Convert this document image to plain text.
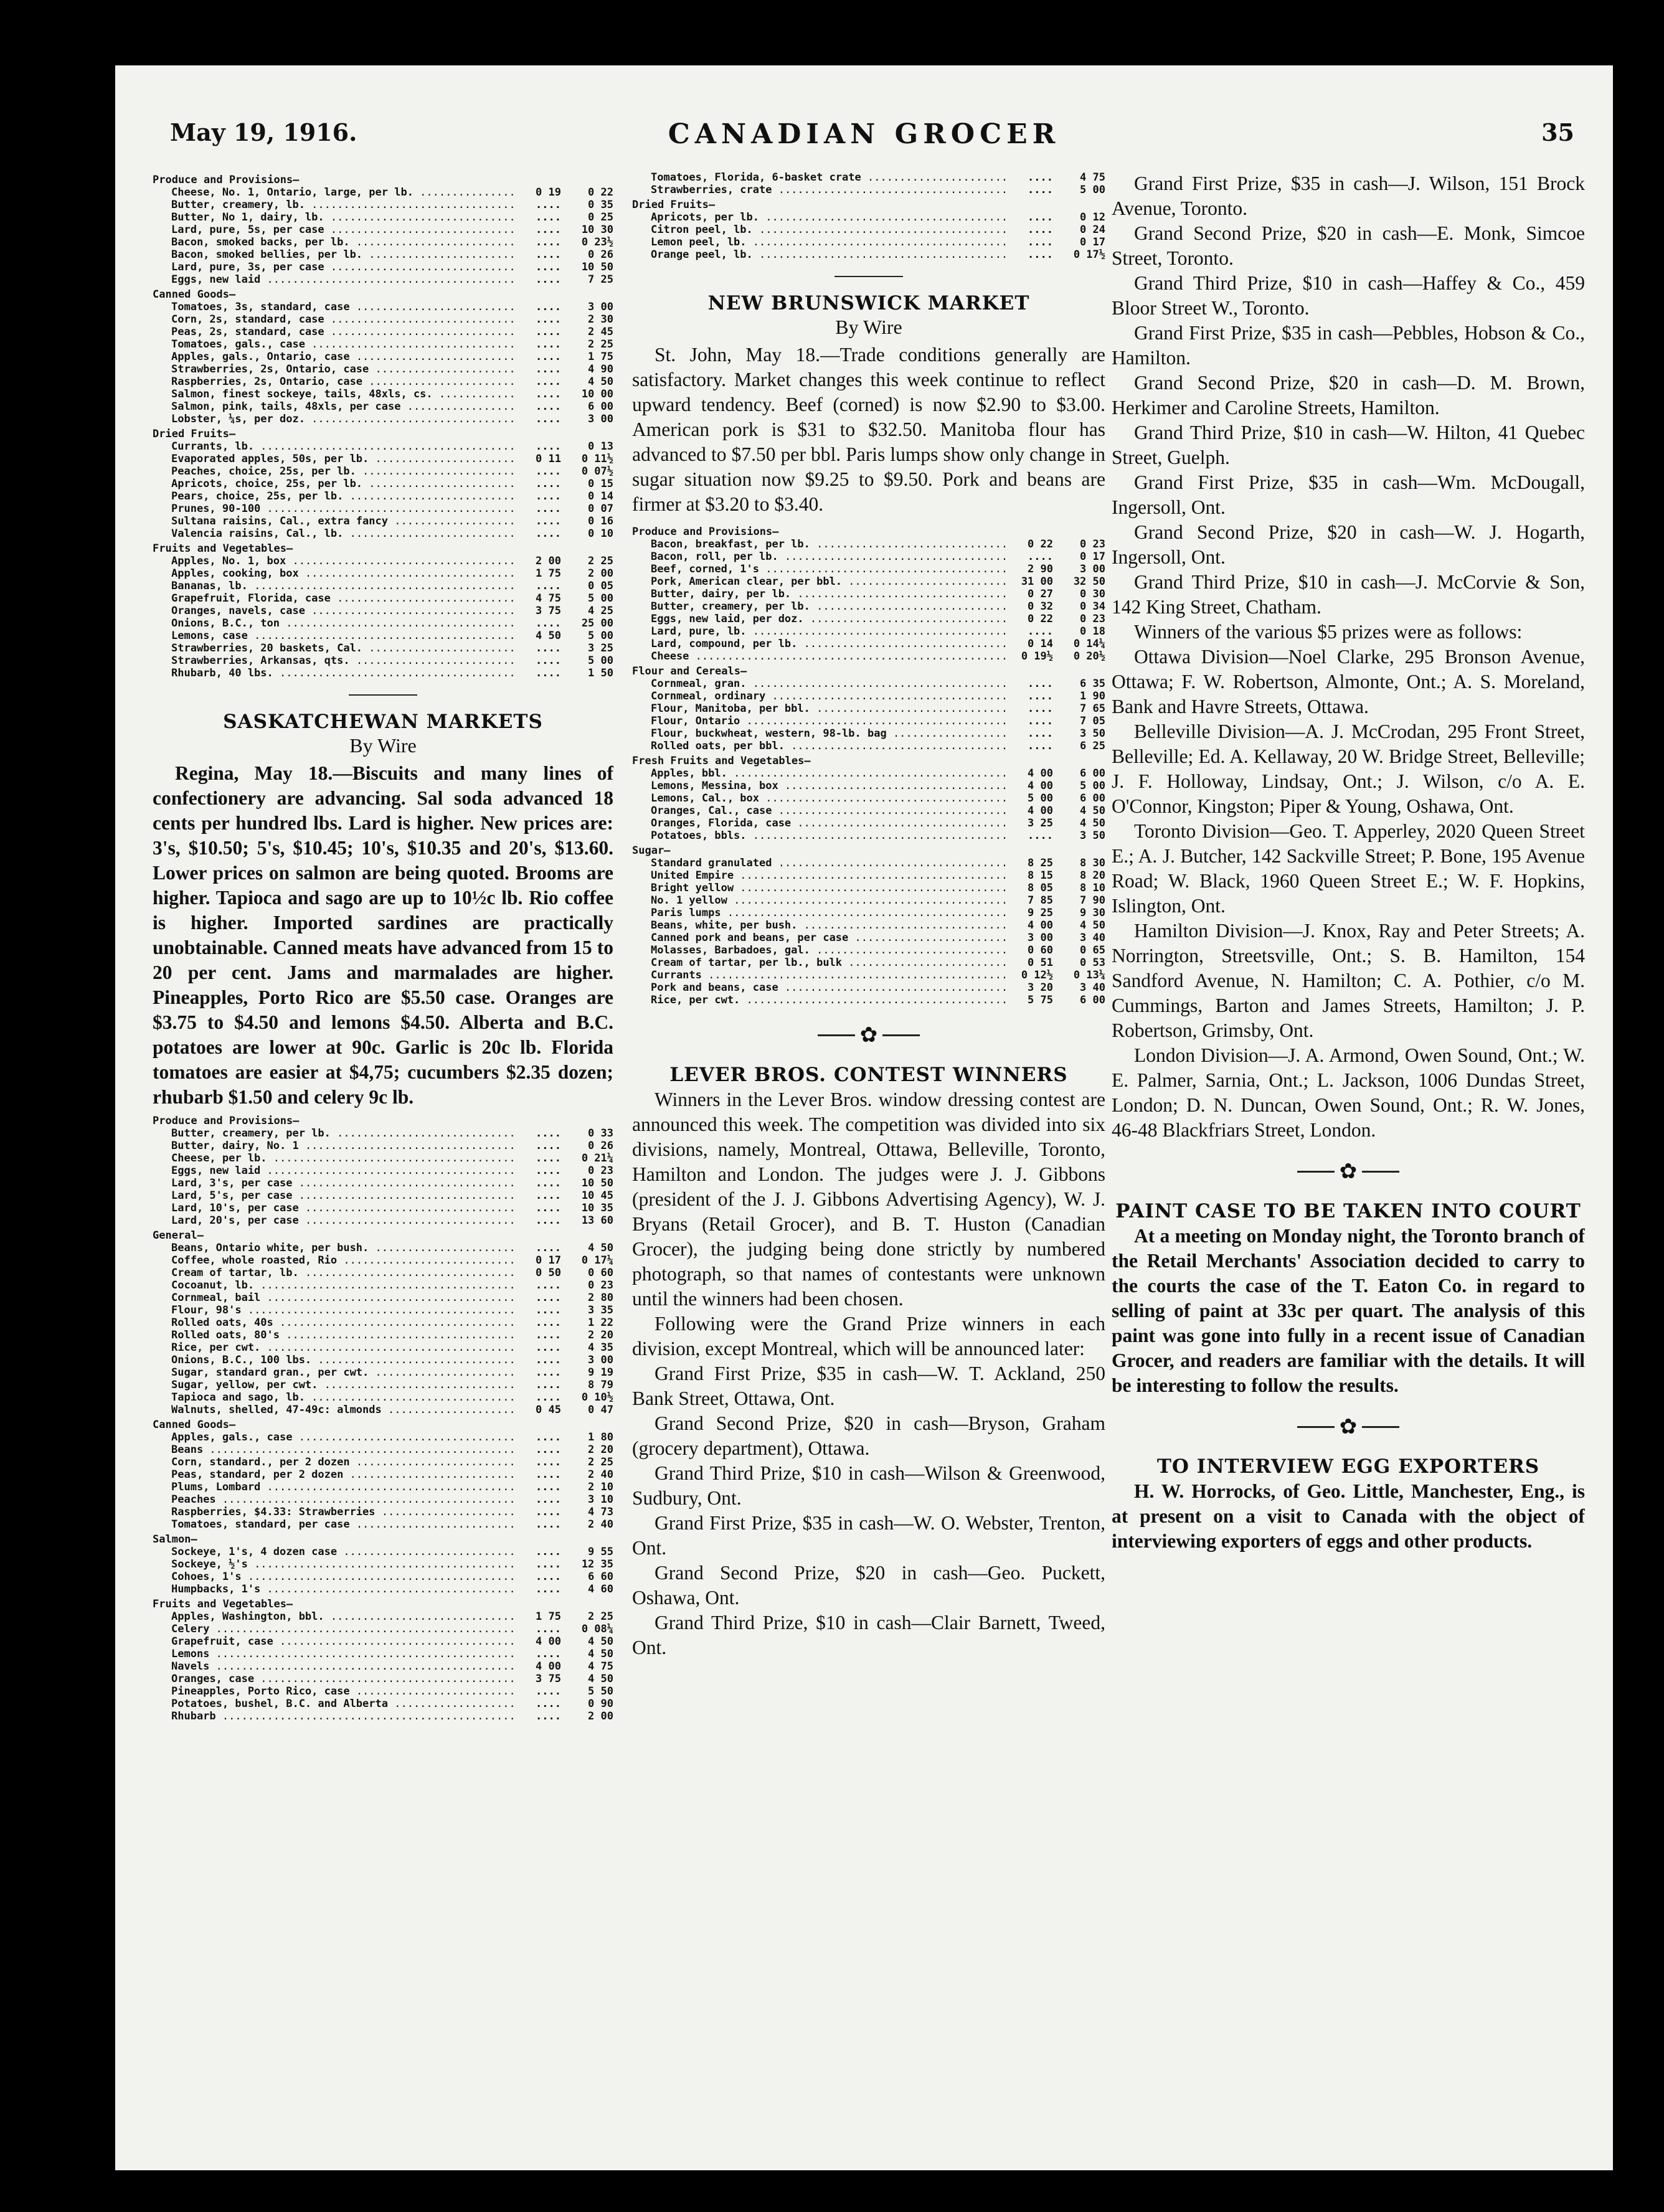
May 19, 1916.	CANADIAN GROCER	35
Produce and Provisions—
Cheese, No. 1, Ontario, large, per lb. .....	0 19	0 22
Butter, creamery, lb. .....	....	0 35
Butter, No 1, dairy, lb. .....	....	0 25
Lard, pure, 5s, per case .....	....	10 30
Bacon, smoked backs, per lb. .....	....	0 23½
Bacon, smoked bellies, per lb. .....	....	0 26
Lard, pure, 3s, per case .....	....	10 50
Eggs, new laid .....	....	7 25
Canned Goods—
Tomatoes, 3s, standard, case .....	....	3 00
Corn, 2s, standard, case .....	....	2 30
Peas, 2s, standard, case .....	....	2 45
Tomatoes, gals., case .....	....	2 25
Apples, gals., Ontario, case .....	....	1 75
Strawberries, 2s, Ontario, case .....	....	4 90
Raspberries, 2s, Ontario, case .....	....	4 50
Salmon, finest sockeye, tails, 48xls, cs. .....	....	10 00
Salmon, pink, tails, 48xls, per case .....	....	6 00
Lobster, ¼s, per doz. .....	....	3 00
Dried Fruits—
Currants, lb. .....	....	0 13
Evaporated apples, 50s, per lb. .....	0 11	0 11½
Peaches, choice, 25s, per lb. .....	....	0 07½
Apricots, choice, 25s, per lb. .....	....	0 15
Pears, choice, 25s, per lb. .....	....	0 14
Prunes, 90-100 .....	....	0 07
Sultana raisins, Cal., extra fancy .....	....	0 16
Valencia raisins, Cal., lb. .....	....	0 10
Fruits and Vegetables—
Apples, No. 1, box .....	2 00	2 25
Apples, cooking, box .....	1 75	2 00
Bananas, lb. .....	....	0 05
Grapefruit, Florida, case .....	4 75	5 00
Oranges, navels, case .....	3 75	4 25
Onions, B.C., ton .....	....	25 00
Lemons, case .....	4 50	5 00
Strawberries, 20 baskets, Cal. .....	....	3 25
Strawberries, Arkansas, qts. .....	....	5 00
Rhubarb, 40 lbs. .....	....	1 50
SASKATCHEWAN MARKETS
By Wire

Regina, May 18.—Biscuits and many lines of confectionery are advancing. Sal soda advanced 18 cents per hundred lbs. Lard is higher. New prices are: 3's, $10.50; 5's, $10.45; 10's, $10.35 and 20's, $13.60. Lower prices on salmon are being quoted. Brooms are higher. Tapioca and sago are up to 10½c lb. Rio coffee is higher. Imported sardines are practically unobtainable. Canned meats have advanced from 15 to 20 per cent. Jams and marmalades are higher. Pineapples, Porto Rico are $5.50 case. Oranges are $3.75 to $4.50 and lemons $4.50. Alberta and B.C. potatoes are lower at 90c. Garlic is 20c lb. Florida tomatoes are easier at $4,75; cucumbers $2.35 dozen; rhubarb $1.50 and celery 9c lb.

Produce and Provisions—
Butter, creamery, per lb. .....	....	0 33
Butter, dairy, No. 1 .....	....	0 26
Cheese, per lb. .....	....	0 21¼
Eggs, new laid .....	....	0 23
Lard, 3's, per case .....	....	10 50
Lard, 5's, per case .....	....	10 45
Lard, 10's, per case .....	....	10 35
Lard, 20's, per case .....	....	13 60
General—
Beans, Ontario white, per bush. .....	....	4 50
Coffee, whole roasted, Rio .....	0 17	0 17¼
Cream of tartar, lb. .....	0 50	0 60
Cocoanut, lb. .....	....	0 23
Cornmeal, bail .....	....	2 80
Flour, 98's .....	....	3 35
Rolled oats, 40s .....	....	1 22
Rolled oats, 80's .....	....	2 20
Rice, per cwt. .....	....	4 35
Onions, B.C., 100 lbs. .....	....	3 00
Sugar, standard gran., per cwt. .....	....	9 19
Sugar, yellow, per cwt. .....	....	8 79
Tapioca and sago, lb. .....	....	0 10½
Walnuts, shelled, 47-49c: almonds .....	0 45	0 47
Canned Goods—
Apples, gals., case .....	....	1 80
Beans .....	....	2 20
Corn, standard., per 2 dozen .....	....	2 25
Peas, standard, per 2 dozen .....	....	2 40
Plums, Lombard .....	....	2 10
Peaches .....	....	3 10
Raspberries, $4.33: Strawberries .....	....	4 73
Tomatoes, standard, per case .....	....	2 40
Salmon—
Sockeye, 1's, 4 dozen case .....	....	9 55
Sockeye, ½'s .....	....	12 35
Cohoes, 1's .....	....	6 60
Humpbacks, 1's .....	....	4 60
Fruits and Vegetables—
Apples, Washington, bbl. .....	1 75	2 25
Celery .....	....	0 08¼
Grapefruit, case .....	4 00	4 50
Lemons .....	....	4 50
Navels .....	4 00	4 75
Oranges, case .....	3 75	4 50
Pineapples, Porto Rico, case .....	....	5 50
Potatoes, bushel, B.C. and Alberta .....	....	0 90
Rhubarb .....	....	2 00
Tomatoes, Florida, 6-basket crate .....	....	4 75
Strawberries, crate .....	....	5 00
Dried Fruits—
Apricots, per lb. .....	....	0 12
Citron peel, lb. .....	....	0 24
Lemon peel, lb. .....	....	0 17
Orange peel, lb. .....	....	0 17½
NEW BRUNSWICK MARKET
By Wire

St. John, May 18.—Trade conditions generally are satisfactory. Market changes this week continue to reflect upward tendency. Beef (corned) is now $2.90 to $3.00. American pork is $31 to $32.50. Manitoba flour has advanced to $7.50 per bbl. Paris lumps show only change in sugar situation now $9.25 to $9.50. Pork and beans are firmer at $3.20 to $3.40.

Produce and Provisions—
Bacon, breakfast, per lb. .....	0 22	0 23
Bacon, roll, per lb. .....	....	0 17
Beef, corned, 1's .....	2 90	3 00
Pork, American clear, per bbl. .....	31 00	32 50
Butter, dairy, per lb. .....	0 27	0 30
Butter, creamery, per lb. .....	0 32	0 34
Eggs, new laid, per doz. .....	0 22	0 23
Lard, pure, lb. .....	....	0 18
Lard, compound, per lb. .....	0 14	0 14¼
Cheese .....	0 19½	0 20½
Flour and Cereals—
Cornmeal, gran. .....	....	6 35
Cornmeal, ordinary .....	....	1 90
Flour, Manitoba, per bbl. .....	....	7 65
Flour, Ontario .....	....	7 05
Flour, buckwheat, western, 98-lb. bag .....	....	3 50
Rolled oats, per bbl. .....	....	6 25
Fresh Fruits and Vegetables—
Apples, bbl. .....	4 00	6 00
Lemons, Messina, box .....	4 00	5 00
Lemons, Cal., box .....	5 00	6 00
Oranges, Cal., case .....	4 00	4 50
Oranges, Florida, case .....	3 25	4 50
Potatoes, bbls. .....	....	3 50
Sugar—
Standard granulated .....	8 25	8 30
United Empire .....	8 15	8 20
Bright yellow .....	8 05	8 10
No. 1 yellow .....	7 85	7 90
Paris lumps .....	9 25	9 30
Beans, white, per bush. .....	4 00	4 50
Canned pork and beans, per case .....	3 00	3 40
Molasses, Barbadoes, gal. .....	0 60	0 65
Cream of tartar, per lb., bulk .....	0 51	0 53
Currants .....	0 12½	0 13¼
Pork and beans, case .....	3 20	3 40
Rice, per cwt. .....	5 75	6 00
✿
LEVER BROS. CONTEST WINNERS

Winners in the Lever Bros. window dressing contest are announced this week. The competition was divided into six divisions, namely, Montreal, Ottawa, Belleville, Toronto, Hamilton and London. The judges were J. J. Gibbons (president of the J. J. Gibbons Advertising Agency), W. J. Bryans (Retail Grocer), and B. T. Huston (Canadian Grocer), the judging being done strictly by numbered photograph, so that names of contestants were unknown until the winners had been chosen.

Following were the Grand Prize winners in each division, except Montreal, which will be announced later:

Grand First Prize, $35 in cash—W. T. Ackland, 250 Bank Street, Ottawa, Ont.

Grand Second Prize, $20 in cash—Bryson, Graham (grocery department), Ottawa.

Grand Third Prize, $10 in cash—Wilson & Greenwood, Sudbury, Ont.

Grand First Prize, $35 in cash—W. O. Webster, Trenton, Ont.

Grand Second Prize, $20 in cash—Geo. Puckett, Oshawa, Ont.

Grand Third Prize, $10 in cash—Clair Barnett, Tweed, Ont.

Grand First Prize, $35 in cash—J. Wilson, 151 Brock Avenue, Toronto.

Grand Second Prize, $20 in cash—E. Monk, Simcoe Street, Toronto.

Grand Third Prize, $10 in cash—Haffey & Co., 459 Bloor Street W., Toronto.

Grand First Prize, $35 in cash—Pebbles, Hobson & Co., Hamilton.

Grand Second Prize, $20 in cash—D. M. Brown, Herkimer and Caroline Streets, Hamilton.

Grand Third Prize, $10 in cash—W. Hilton, 41 Quebec Street, Guelph.

Grand First Prize, $35 in cash—Wm. McDougall, Ingersoll, Ont.

Grand Second Prize, $20 in cash—W. J. Hogarth, Ingersoll, Ont.

Grand Third Prize, $10 in cash—J. McCorvie & Son, 142 King Street, Chatham.

Winners of the various $5 prizes were as follows:

Ottawa Division—Noel Clarke, 295 Bronson Avenue, Ottawa; F. W. Robertson, Almonte, Ont.; A. S. Moreland, Bank and Havre Streets, Ottawa.

Belleville Division—A. J. McCrodan, 295 Front Street, Belleville; Ed. A. Kellaway, 20 W. Bridge Street, Belleville; J. F. Holloway, Lindsay, Ont.; J. Wilson, c/o A. E. O'Connor, Kingston; Piper & Young, Oshawa, Ont.

Toronto Division—Geo. T. Apperley, 2020 Queen Street E.; A. J. Butcher, 142 Sackville Street; P. Bone, 195 Avenue Road; W. Black, 1960 Queen Street E.; W. F. Hopkins, Islington, Ont.

Hamilton Division—J. Knox, Ray and Peter Streets; A. Norrington, Streetsville, Ont.; S. B. Hamilton, 154 Sandford Avenue, N. Hamilton; C. A. Pothier, c/o M. Cummings, Barton and James Streets, Hamilton; J. P. Robertson, Grimsby, Ont.

London Division—J. A. Armond, Owen Sound, Ont.; W. E. Palmer, Sarnia, Ont.; L. Jackson, 1006 Dundas Street, London; D. N. Duncan, Owen Sound, Ont.; R. W. Jones, 46-48 Blackfriars Street, London.

✿
PAINT CASE TO BE TAKEN INTO COURT

At a meeting on Monday night, the Toronto branch of the Retail Merchants' Association decided to carry to the courts the case of the T. Eaton Co. in regard to selling of paint at 33c per quart. The analysis of this paint was gone into fully in a recent issue of Canadian Grocer, and readers are familiar with the details. It will be interesting to follow the results.

✿
TO INTERVIEW EGG EXPORTERS

H. W. Horrocks, of Geo. Little, Manchester, Eng., is at present on a visit to Canada with the object of interviewing exporters of eggs and other products.
